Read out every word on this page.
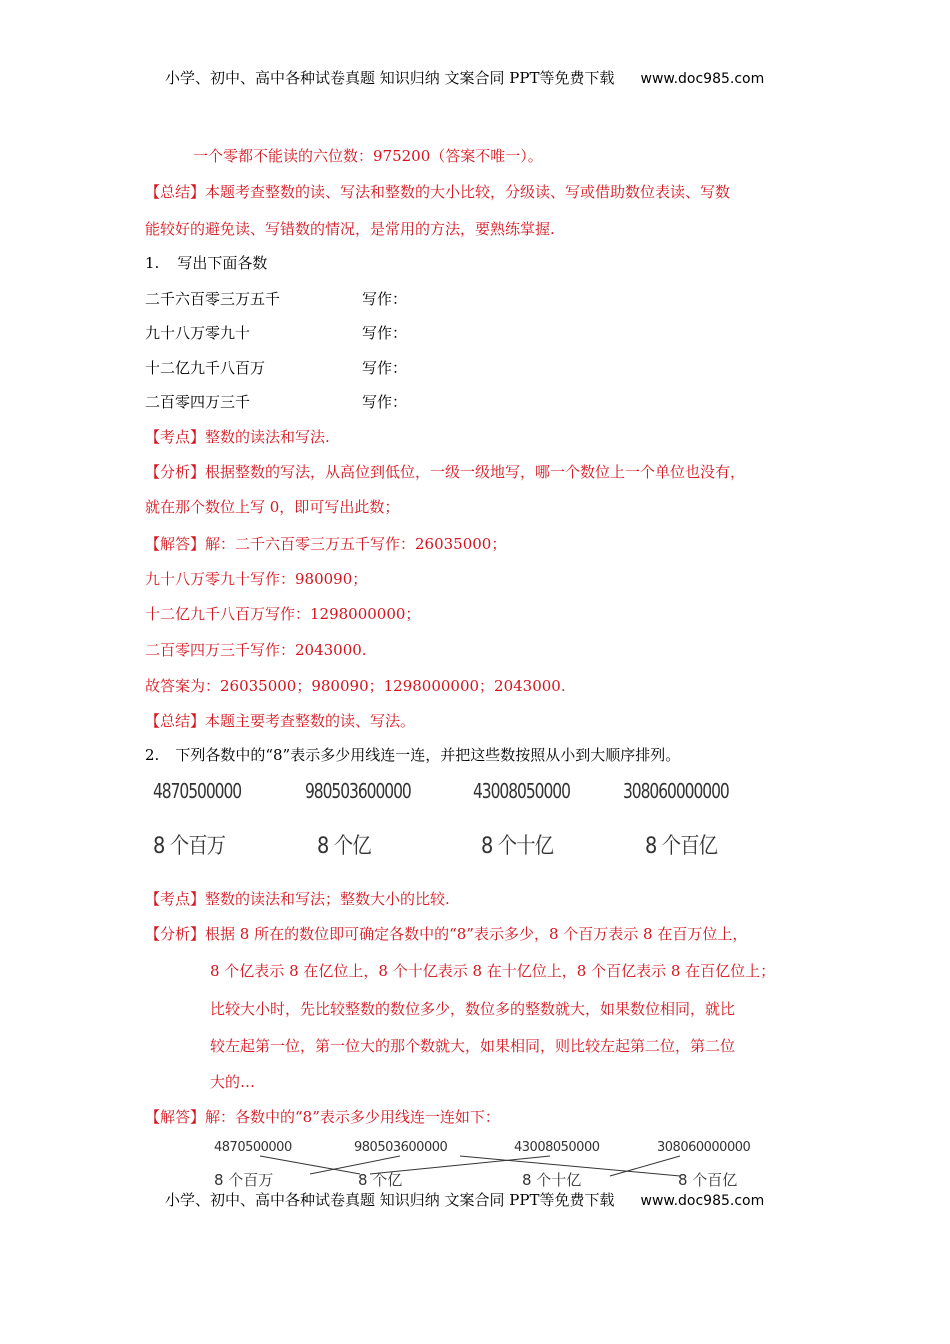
小学、初中、高中各种试卷真题 知识归纳 文案合同 PPT等免费下载 www.doc985.com
一个零都不能读的六位数：975200（答案不唯一）。
【总结】本题考查整数的读、写法和整数的大小比较，分级读、写或借助数位表读、写数
能较好的避免读、写错数的情况，是常用的方法，要熟练掌握.
1. 写出下面各数
二千六百零三万五千	写作：
九十八万零九十	写作：
十二亿九千八百万	写作：
二百零四万三千	写作：
【考点】整数的读法和写法.
【分析】根据整数的写法，从高位到低位，一级一级地写，哪一个数位上一个单位也没有，
就在那个数位上写 0，即可写出此数；
【解答】解：二千六百零三万五千写作：26035000；
九十八万零九十写作：980090；
十二亿九千八百万写作：1298000000；
二百零四万三千写作：2043000.
故答案为：26035000；980090；1298000000；2043000.
【总结】本题主要考查整数的读、写法。
2. 下列各数中的“8”表示多少用线连一连，并把这些数按照从小到大顺序排列。
4870500000	980503600000	43008050000	308060000000
8 个百万	8 个亿	8 个十亿	8 个百亿
【考点】整数的读法和写法；整数大小的比较.
【分析】根据 8 所在的数位即可确定各数中的“8”表示多少，8 个百万表示 8 在百万位上，
8 个亿表示 8 在亿位上，8 个十亿表示 8 在十亿位上，8 个百亿表示 8 在百亿位上；
比较大小时，先比较整数的数位多少，数位多的整数就大，如果数位相同，就比
较左起第一位，第一位大的那个数就大，如果相同，则比较左起第二位，第二位
大的…
【解答】解：各数中的“8”表示多少用线连一连如下：
4870500000	980503600000	43008050000	308060000000
8 个百万	8 个亿	8 个十亿	8 个百亿
小学、初中、高中各种试卷真题 知识归纳 文案合同 PPT等免费下载 www.doc985.com
